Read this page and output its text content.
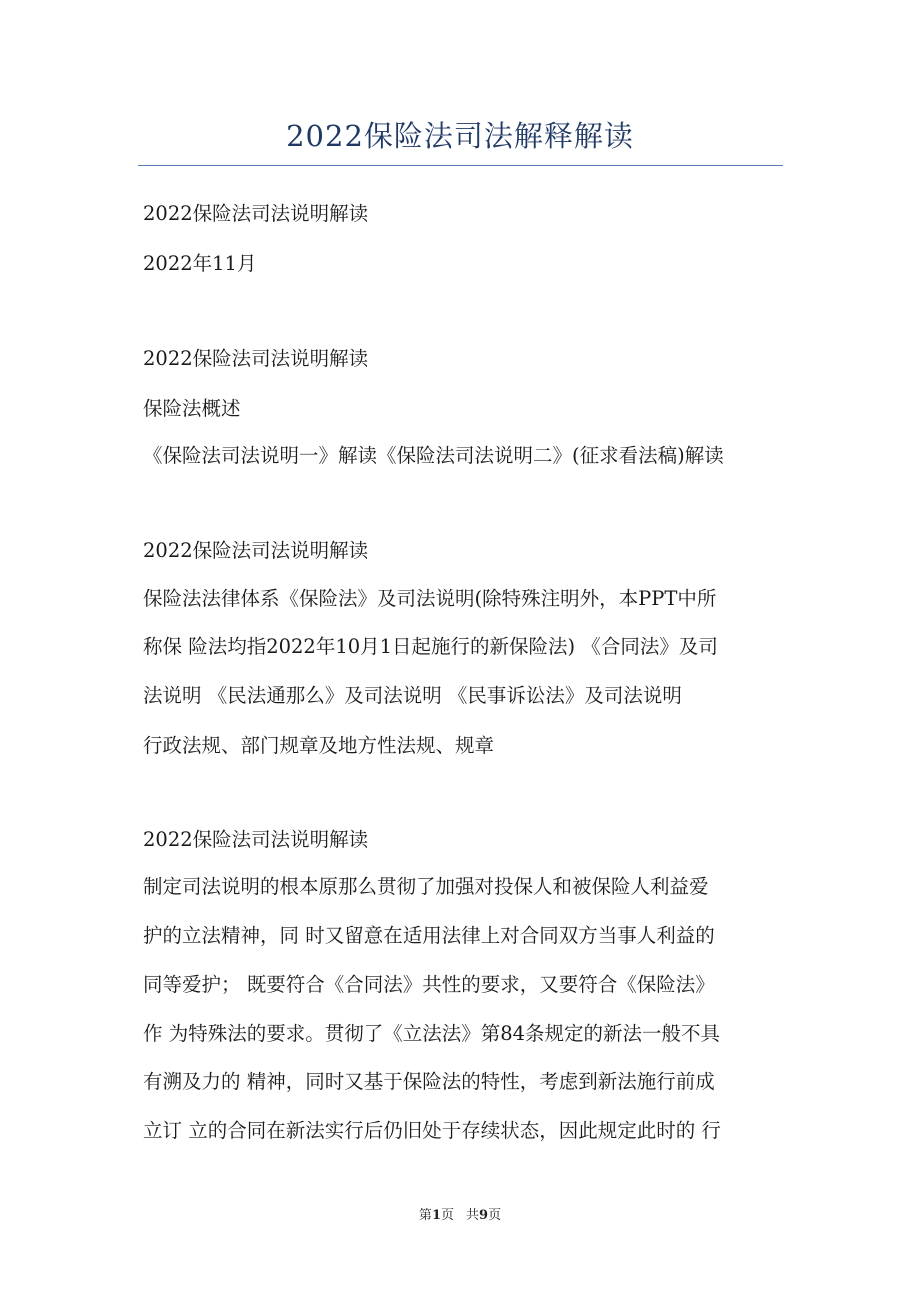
2022保险法司法解释解读
2022保险法司法说明解读
2022年11月
2022保险法司法说明解读
保险法概述
《保险法司法说明一》解读《保险法司法说明二》(征求看法稿)解读
2022保险法司法说明解读
保险法法律体系《保险法》及司法说明(除特殊注明外，本PPT中所
称保 险法均指2022年10月1日起施行的新保险法) 《合同法》及司
法说明 《民法通那么》及司法说明 《民事诉讼法》及司法说明
行政法规、部门规章及地方性法规、规章
2022保险法司法说明解读
制定司法说明的根本原那么贯彻了加强对投保人和被保险人利益爱
护的立法精神，同 时又留意在适用法律上对合同双方当事人利益的
同等爱护； 既要符合《合同法》共性的要求，又要符合《保险法》
作 为特殊法的要求。贯彻了《立法法》第84条规定的新法一般不具
有溯及力的 精神，同时又基于保险法的特性，考虑到新法施行前成
立订 立的合同在新法实行后仍旧处于存续状态，因此规定此时的 行
第1页 共9页
